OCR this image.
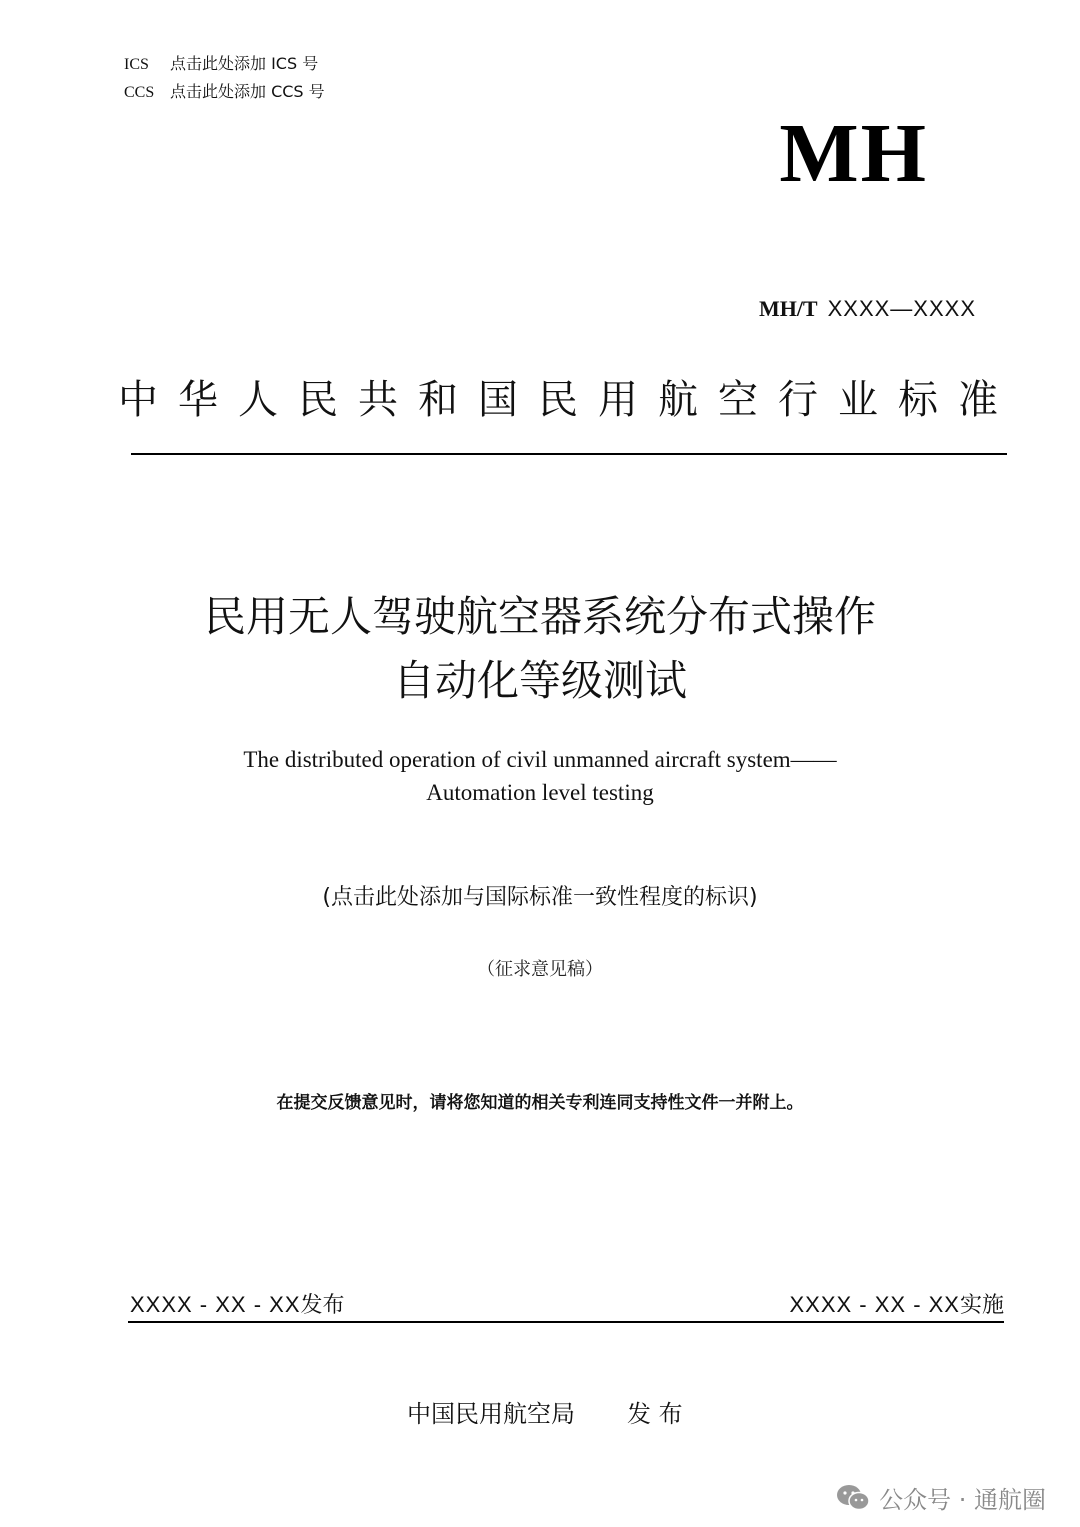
ICS 点击此处添加 ICS 号
CCS 点击此处添加 CCS 号
MH
MH/T XXXX—XXXX
中华人民共和国民用航空行业标准
民用无人驾驶航空器系统分布式操作
自动化等级测试
The distributed operation of civil unmanned aircraft system——
Automation level testing
(点击此处添加与国际标准一致性程度的标识)
（征求意见稿）
在提交反馈意见时，请将您知道的相关专利连同支持性文件一并附上。
XXXX - XX - XX发布	XXXX - XX - XX实施
中国民用航空局 发 布
公众号 · 通航圈
